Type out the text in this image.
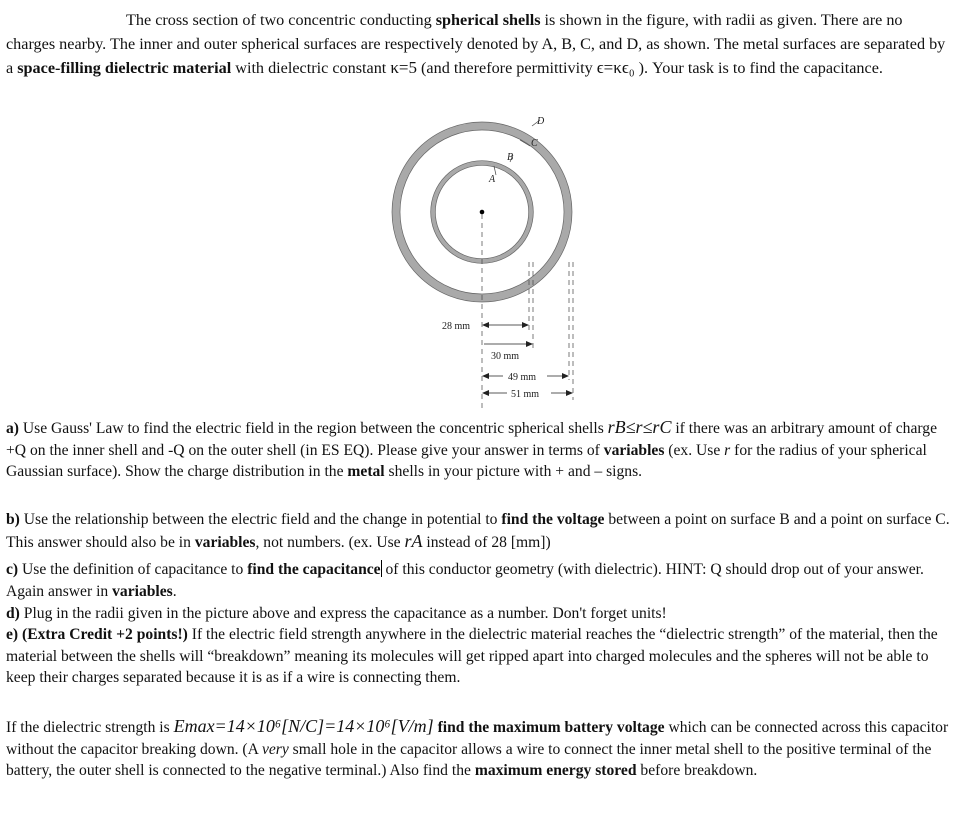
The cross section of two concentric conducting spherical shells is shown in the figure, with radii as given. There are no charges nearby. The inner and outer spherical surfaces are respectively denoted by A, B, C, and D, as shown. The metal surfaces are separated by a space-filling dielectric material with dielectric constant κ=5 (and therefore permittivity ϵ=κϵ₀ ). Your task is to find the capacitance.

A
B
C
D
28 mm
30 mm
49 mm
51 mm

a) Use Gauss' Law to find the electric field in the region between the concentric spherical shells rB≤r≤rC if there was an arbitrary amount of charge +Q on the inner shell and -Q on the outer shell (in ES EQ). Please give your answer in terms of variables (ex. Use r for the radius of your spherical Gaussian surface). Show the charge distribution in the metal shells in your picture with + and – signs.

b) Use the relationship between the electric field and the change in potential to find the voltage between a point on surface B and a point on surface C. This answer should also be in variables, not numbers. (ex. Use rA instead of 28 [mm])

c) Use the definition of capacitance to find the capacitance of this conductor geometry (with dielectric). HINT: Q should drop out of your answer. Again answer in variables.

d) Plug in the radii given in the picture above and express the capacitance as a number. Don't forget units!

e) (Extra Credit +2 points!) If the electric field strength anywhere in the dielectric material reaches the “dielectric strength” of the material, then the material between the shells will “breakdown” meaning its molecules will get ripped apart into charged molecules and the spheres will not be able to keep their charges separated because it is as if a wire is connecting them.

If the dielectric strength is Emax=14×10⁶[N/C]=14×10⁶[V/m] find the maximum battery voltage which can be connected across this capacitor without the capacitor breaking down. (A very small hole in the capacitor allows a wire to connect the inner metal shell to the positive terminal of the battery, the outer shell is connected to the negative terminal.) Also find the maximum energy stored before breakdown.
